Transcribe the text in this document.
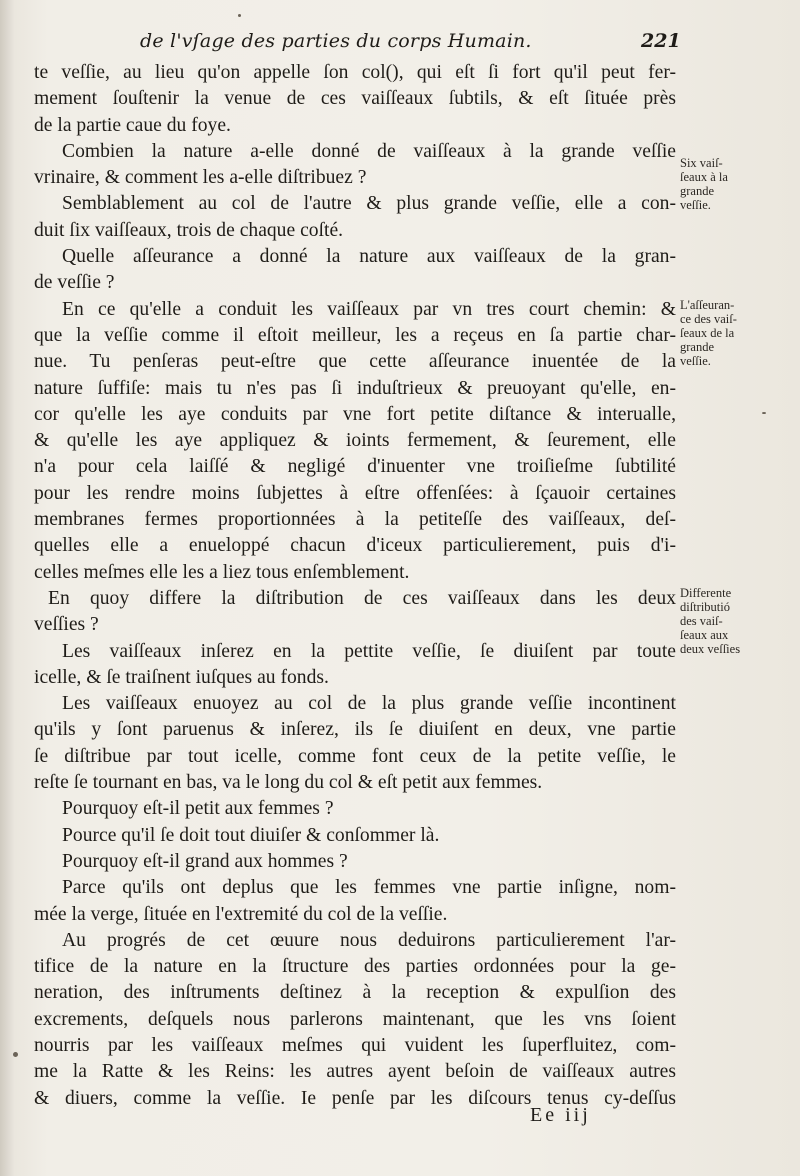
de l'vſage des parties du corps Humain.	221
te veſſie, au lieu qu'on appelle ſon col(), qui eſt ſi fort qu'il peut fer-
mement ſouſtenir la venue de ces vaiſſeaux ſubtils, & eſt ſituée près
de la partie caue du foye.
Combien la nature a-elle donné de vaiſſeaux à la grande veſſie
vrinaire, & comment les a-elle diſtribuez ?
Semblablement au col de l'autre & plus grande veſſie, elle a con-
duit ſix vaiſſeaux, trois de chaque coſté.
Quelle aſſeurance a donné la nature aux vaiſſeaux de la gran-
de veſſie ?
En ce qu'elle a conduit les vaiſſeaux par vn tres court chemin: &
que la veſſie comme il eſtoit meilleur, les a reçeus en ſa partie char-
nue. Tu penſeras peut-eſtre que cette aſſeurance inuentée de la
nature ſuffiſe: mais tu n'es pas ſi induſtrieux & preuoyant qu'elle, en-
cor qu'elle les aye conduits par vne fort petite diſtance & interualle,
& qu'elle les aye appliquez & ioints fermement, & ſeurement, elle
n'a pour cela laiſſé & negligé d'inuenter vne troiſieſme ſubtilité
pour les rendre moins ſubjettes à eſtre offenſées: à ſçauoir certaines
membranes fermes proportionnées à la petiteſſe des vaiſſeaux, deſ-
quelles elle a enueloppé chacun d'iceux particulierement, puis d'i-
celles meſmes elle les a liez tous enſemblement.
En quoy differe la diſtribution de ces vaiſſeaux dans les deux
veſſies ?
Les vaiſſeaux inſerez en la pettite veſſie, ſe diuiſent par toute
icelle, & ſe traiſnent iuſques au fonds.
Les vaiſſeaux enuoyez au col de la plus grande veſſie incontinent
qu'ils y ſont paruenus & inſerez, ils ſe diuiſent en deux, vne partie
ſe diſtribue par tout icelle, comme font ceux de la petite veſſie, le
reſte ſe tournant en bas, va le long du col & eſt petit aux femmes.
Pourquoy eſt-il petit aux femmes ?
Pource qu'il ſe doit tout diuiſer & conſommer là.
Pourquoy eſt-il grand aux hommes ?
Parce qu'ils ont deplus que les femmes vne partie inſigne, nom-
mée la verge, ſituée en l'extremité du col de la veſſie.
Au progrés de cet œuure nous deduirons particulierement l'ar-
tifice de la nature en la ſtructure des parties ordonnées pour la ge-
neration, des inſtruments deſtinez à la reception & expulſion des
excrements, deſquels nous parlerons maintenant, que les vns ſoient
nourris par les vaiſſeaux meſmes qui vuident les ſuperfluitez, com-
me la Ratte & les Reins: les autres ayent beſoin de vaiſſeaux autres
& diuers, comme la veſſie. Ie penſe par les diſcours tenus cy-deſſus
Six vaiſ-
ſeaux à la
grande
veſſie.
L'aſſeuran-
ce des vaiſ-
ſeaux de la
grande
veſſie.
Differente
diſtributió
des vaiſ-
ſeaux aux
deux veſſies
Ee iij
